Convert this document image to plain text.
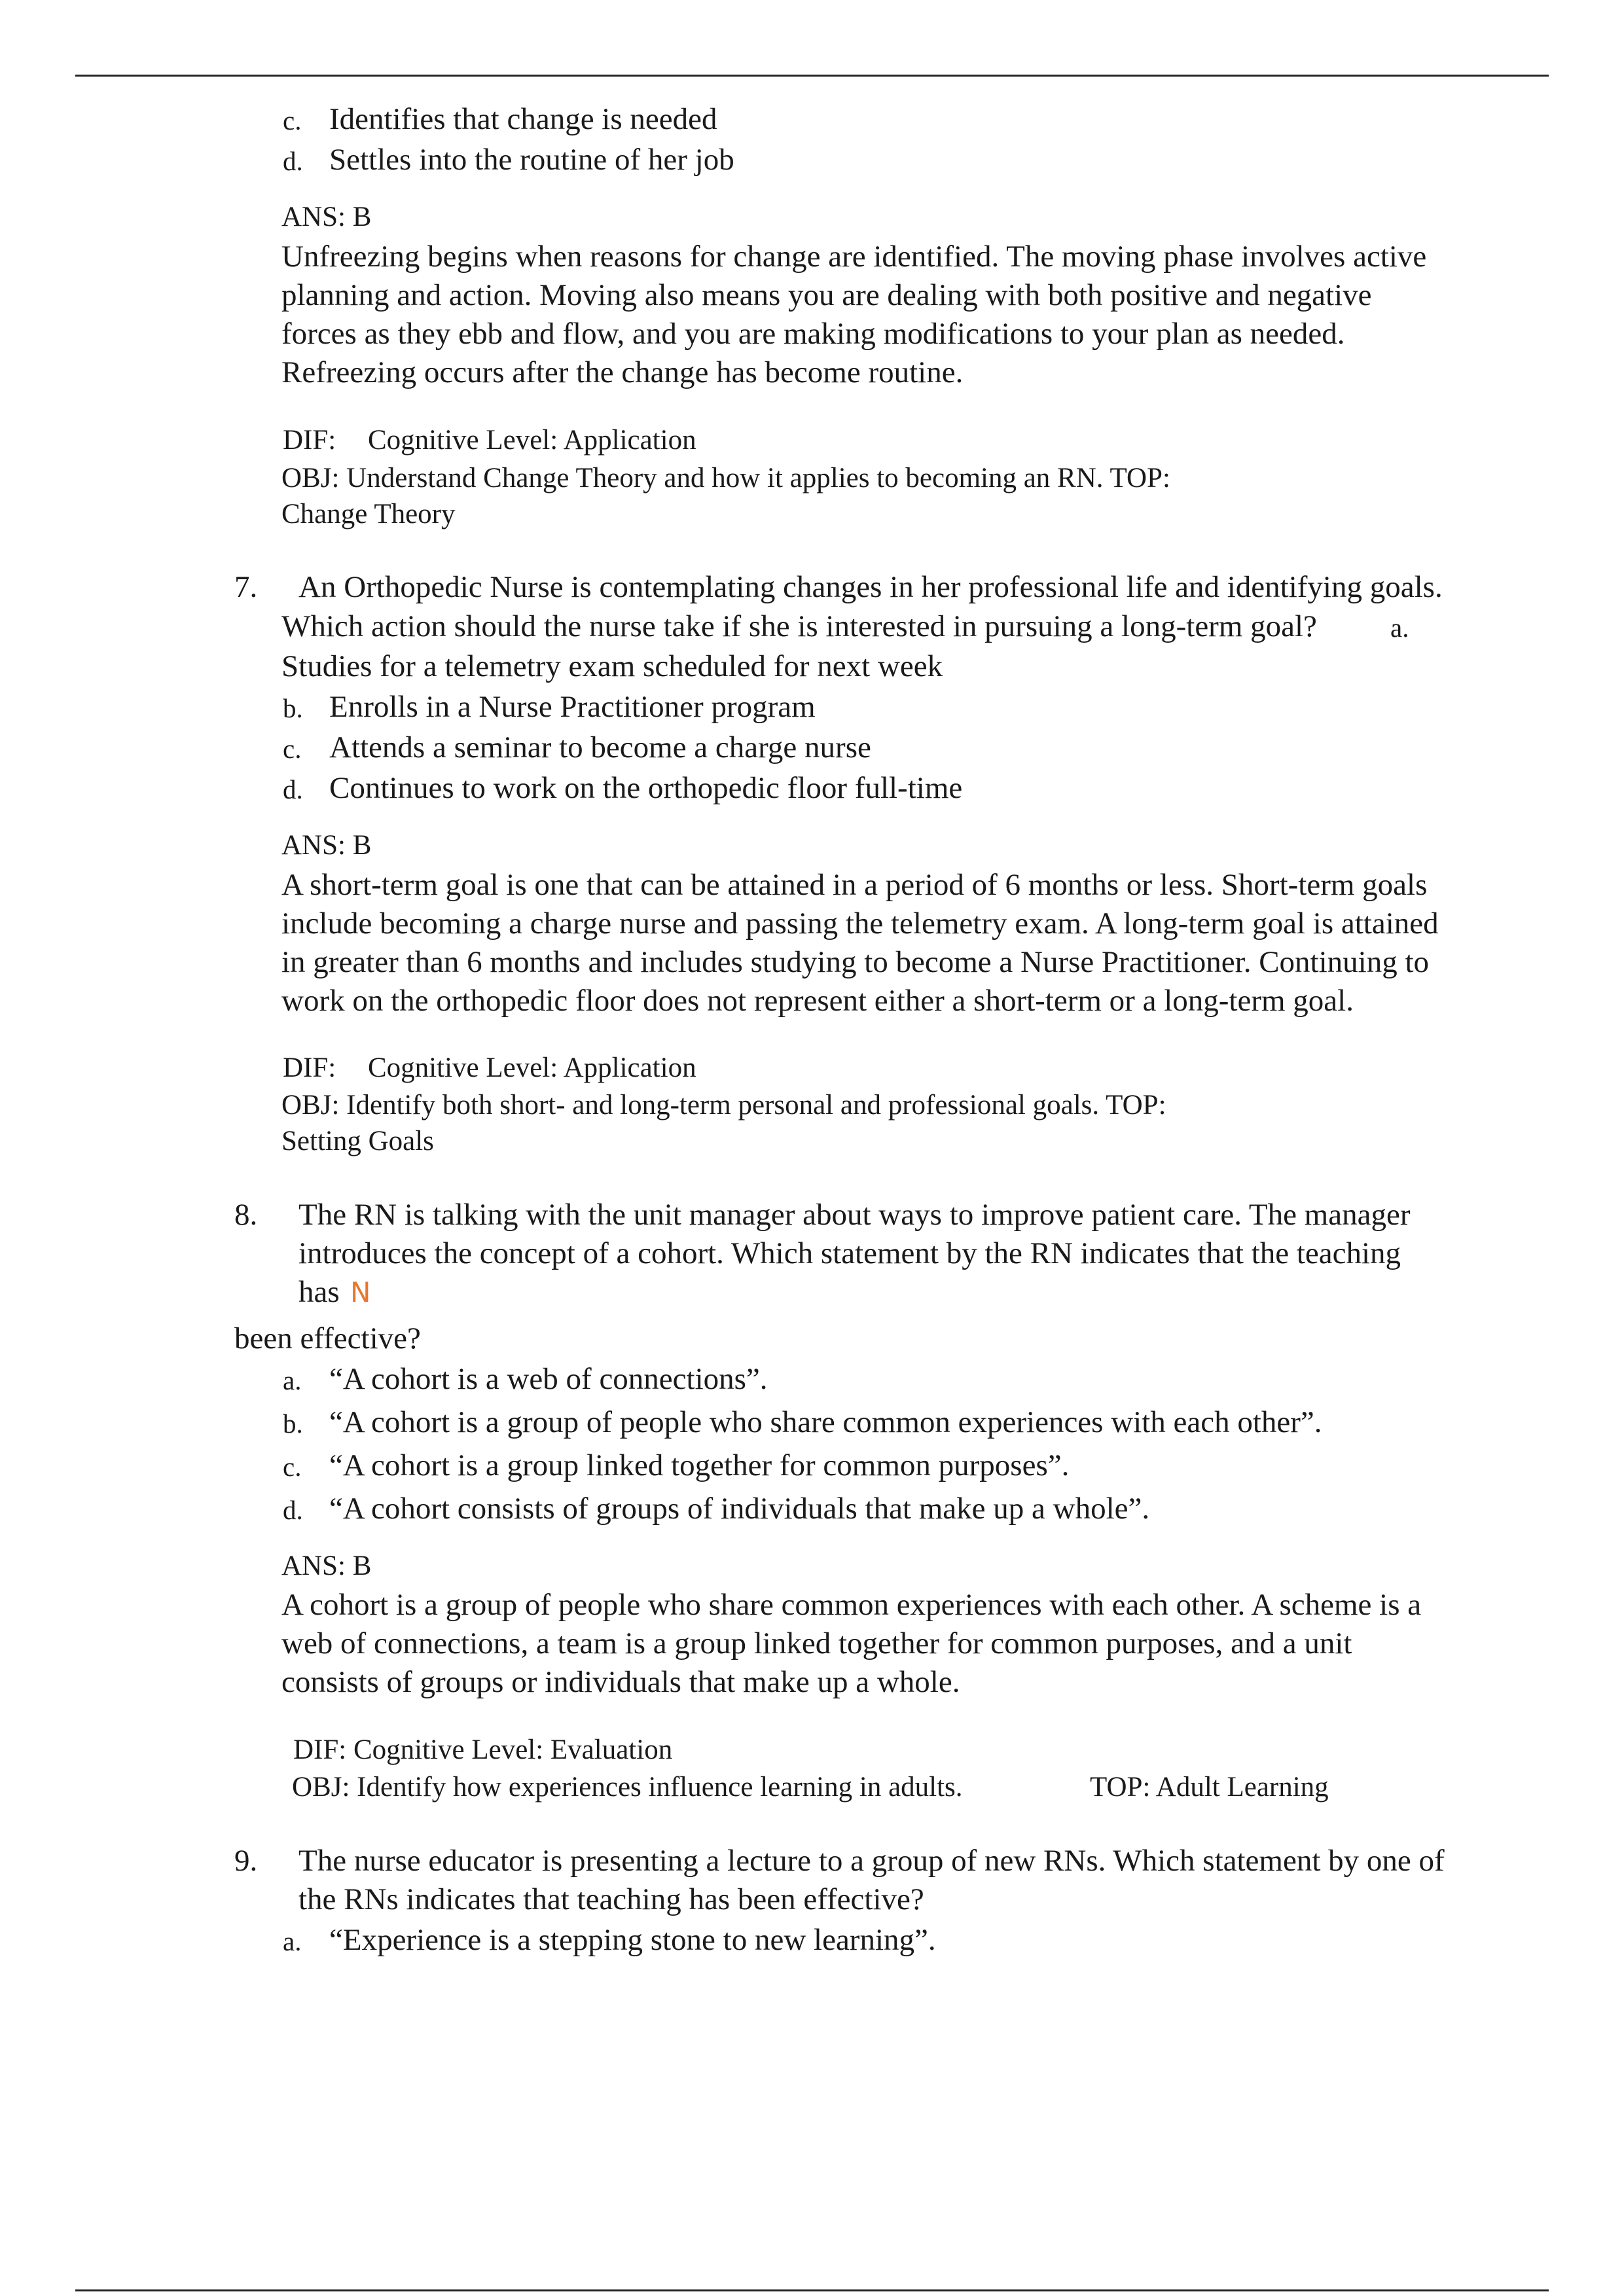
c. Identifies that change is needed
d. Settles into the routine of her job
ANS: B
Unfreezing begins when reasons for change are identified. The moving phase involves active
planning and action. Moving also means you are dealing with both positive and negative
forces as they ebb and flow, and you are making modifications to your plan as needed.
Refreezing occurs after the change has become routine.
DIF: Cognitive Level: Application
OBJ: Understand Change Theory and how it applies to becoming an RN. TOP:
Change Theory
7. An Orthopedic Nurse is contemplating changes in her professional life and identifying goals.
Which action should the nurse take if she is interested in pursuing a long-term goal?	a.
Studies for a telemetry exam scheduled for next week
b. Enrolls in a Nurse Practitioner program
c. Attends a seminar to become a charge nurse
d. Continues to work on the orthopedic floor full-time
ANS: B
A short-term goal is one that can be attained in a period of 6 months or less. Short-term goals
include becoming a charge nurse and passing the telemetry exam. A long-term goal is attained
in greater than 6 months and includes studying to become a Nurse Practitioner. Continuing to
work on the orthopedic floor does not represent either a short-term or a long-term goal.
DIF: Cognitive Level: Application
OBJ: Identify both short- and long-term personal and professional goals. TOP:
Setting Goals
8. The RN is talking with the unit manager about ways to improve patient care. The manager
introduces the concept of a cohort. Which statement by the RN indicates that the teaching
has N
been effective?
a. “A cohort is a web of connections”.
b. “A cohort is a group of people who share common experiences with each other”.
c. “A cohort is a group linked together for common purposes”.
d. “A cohort consists of groups of individuals that make up a whole”.
ANS: B
A cohort is a group of people who share common experiences with each other. A scheme is a
web of connections, a team is a group linked together for common purposes, and a unit
consists of groups or individuals that make up a whole.
DIF: Cognitive Level: Evaluation
OBJ: Identify how experiences influence learning in adults.	TOP: Adult Learning
9. The nurse educator is presenting a lecture to a group of new RNs. Which statement by one of
the RNs indicates that teaching has been effective?
a. “Experience is a stepping stone to new learning”.
